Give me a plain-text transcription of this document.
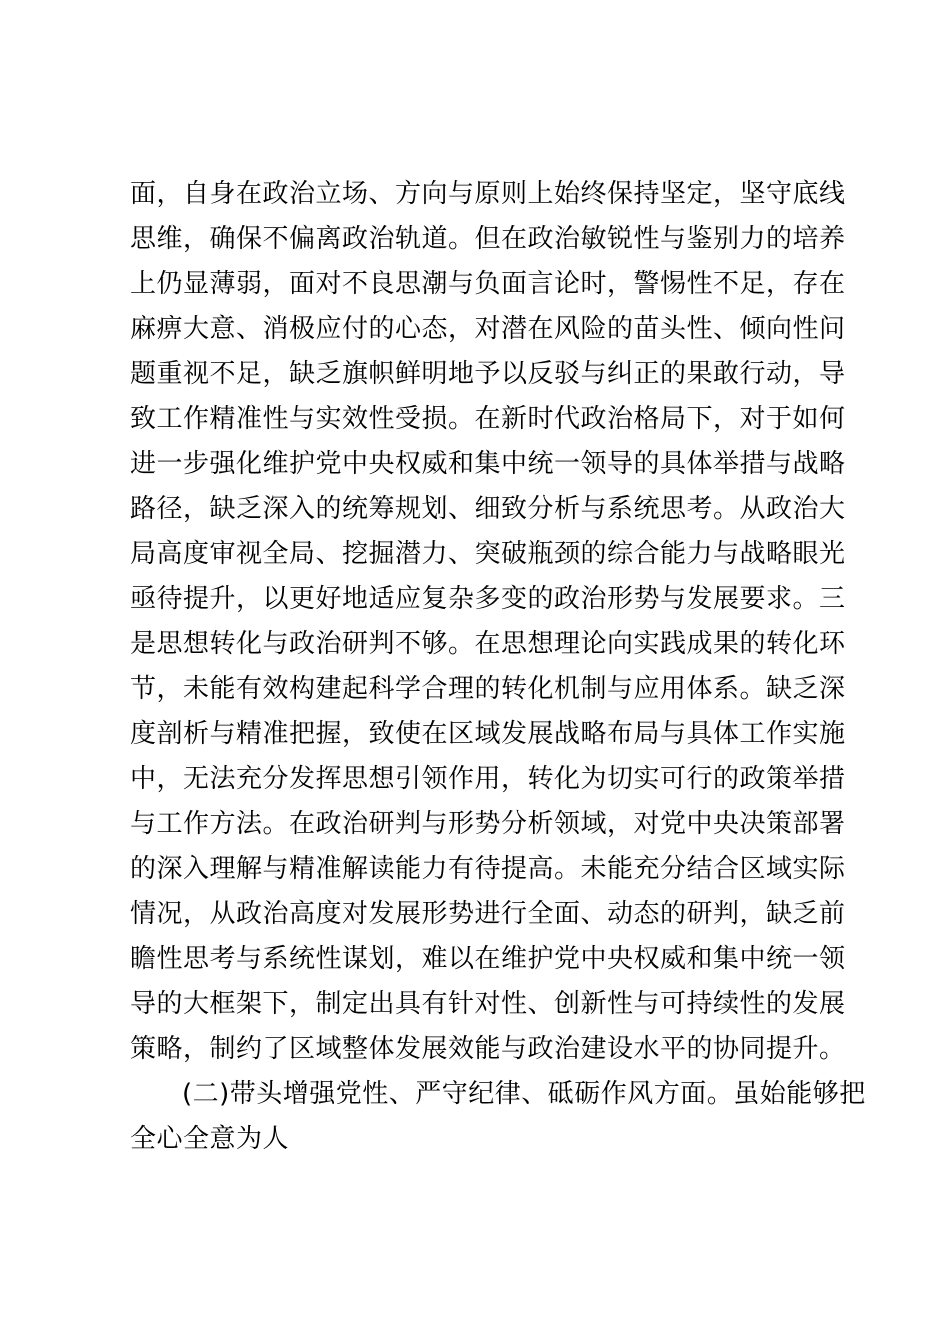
面，自身在政治立场、方向与原则上始终保持坚定，坚守底线
思维，确保不偏离政治轨道。但在政治敏锐性与鉴别力的培养
上仍显薄弱，面对不良思潮与负面言论时，警惕性不足，存在
麻痹大意、消极应付的心态，对潜在风险的苗头性、倾向性问
题重视不足，缺乏旗帜鲜明地予以反驳与纠正的果敢行动，导
致工作精准性与实效性受损。在新时代政治格局下，对于如何
进一步强化维护党中央权威和集中统一领导的具体举措与战略
路径，缺乏深入的统筹规划、细致分析与系统思考。从政治大
局高度审视全局、挖掘潜力、突破瓶颈的综合能力与战略眼光
亟待提升，以更好地适应复杂多变的政治形势与发展要求。三
是思想转化与政治研判不够。在思想理论向实践成果的转化环
节，未能有效构建起科学合理的转化机制与应用体系。缺乏深
度剖析与精准把握，致使在区域发展战略布局与具体工作实施
中，无法充分发挥思想引领作用，转化为切实可行的政策举措
与工作方法。在政治研判与形势分析领域，对党中央决策部署
的深入理解与精准解读能力有待提高。未能充分结合区域实际
情况，从政治高度对发展形势进行全面、动态的研判，缺乏前
瞻性思考与系统性谋划，难以在维护党中央权威和集中统一领
导的大框架下，制定出具有针对性、创新性与可持续性的发展
策略，制约了区域整体发展效能与政治建设水平的协同提升。
(二)带头增强党性、严守纪律、砥砺作风方面。虽始能够把
全心全意为人
